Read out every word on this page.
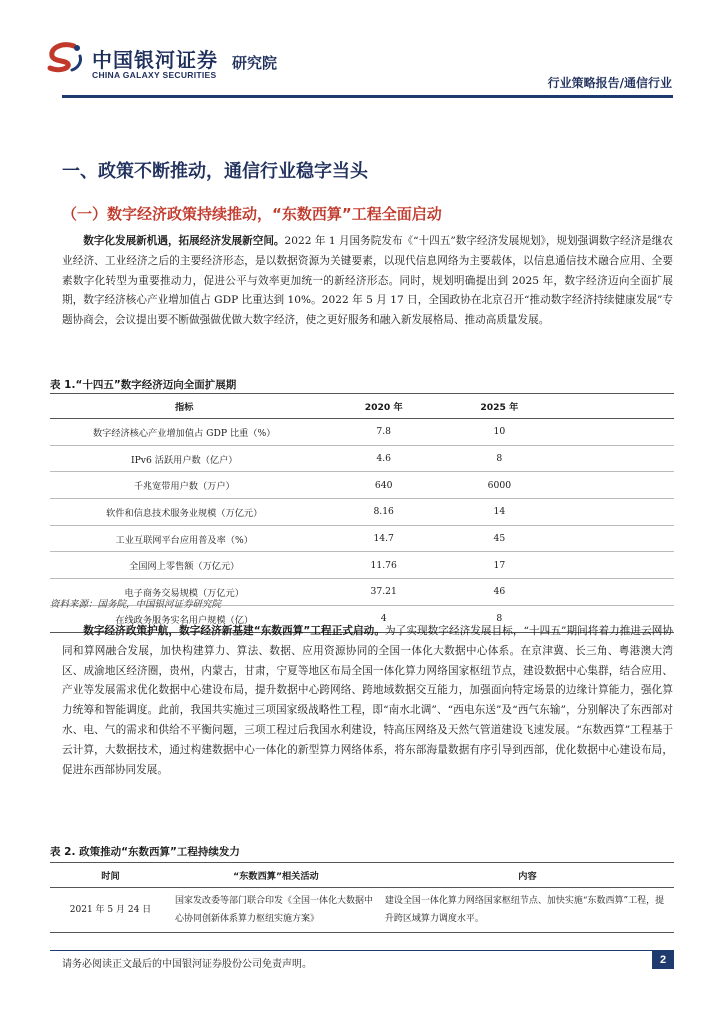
中国银河证券
CHINA GALAXY SECURITIES
研究院
行业策略报告/通信行业
一、政策不断推动，通信行业稳字当头
（一）数字经济政策持续推动，“东数西算”工程全面启动

数字化发展新机遇，拓展经济发展新空间。2022 年 1 月国务院发布《“十四五”数字经济发展规划》，规划强调数字经济是继农业经济、工业经济之后的主要经济形态，是以数据资源为关键要素，以现代信息网络为主要载体，以信息通信技术融合应用、全要素数字化转型为重要推动力，促进公平与效率更加统一的新经济形态。同时，规划明确提出到 2025 年，数字经济迈向全面扩展期，数字经济核心产业增加值占 GDP 比重达到 10%。2022 年 5 月 17 日，全国政协在北京召开“推动数字经济持续健康发展”专题协商会，会议提出要不断做强做优做大数字经济，使之更好服务和融入新发展格局、推动高质量发展。

表 1.“十四五”数字经济迈向全面扩展期
指标	2020 年	2025 年	
数字经济核心产业增加值占 GDP 比重（%）	7.8	10	
IPv6 活跃用户数（亿户）	4.6	8	
千兆宽带用户数（万户）	640	6000	
软件和信息技术服务业规模（万亿元）	8.16	14	
工业互联网平台应用普及率（%）	14.7	45	
全国网上零售额（万亿元）	11.76	17	
电子商务交易规模（万亿元）	37.21	46	
在线政务服务实名用户规模（亿）	4	8	
资料来源：国务院，中国银河证券研究院

数字经济政策护航，数字经济新基建“东数西算”工程正式启动。为了实现数字经济发展目标，“十四五”期间将着力推进云网协同和算网融合发展，加快构建算力、算法、数据、应用资源协同的全国一体化大数据中心体系。在京津冀、长三角、粤港澳大湾区、成渝地区经济圈，贵州，内蒙古，甘肃，宁夏等地区布局全国一体化算力网络国家枢纽节点，建设数据中心集群，结合应用、产业等发展需求优化数据中心建设布局，提升数据中心跨网络、跨地域数据交互能力，加强面向特定场景的边缘计算能力，强化算力统筹和智能调度。此前，我国共实施过三项国家级战略性工程，即“南水北调”、“西电东送”及“西气东输”，分别解决了东西部对水、电、气的需求和供给不平衡问题，三项工程过后我国水利建设，特高压网络及天然气管道建设飞速发展。“东数西算”工程基于云计算，大数据技术，通过构建数据中心一体化的新型算力网络体系，将东部海量数据有序引导到西部，优化数据中心建设布局，促进东西部协同发展。

表 2. 政策推动“东数西算”工程持续发力
时间	“东数西算”相关活动	内容
2021 年 5 月 24 日	国家发改委等部门联合印发《全国一体化大数据中心协同创新体系算力枢纽实施方案》	建设全国一体化算力网络国家枢纽节点、加快实施“东数西算”工程，提升跨区域算力调度水平。
请务必阅读正文最后的中国银河证券股份公司免责声明。	2
